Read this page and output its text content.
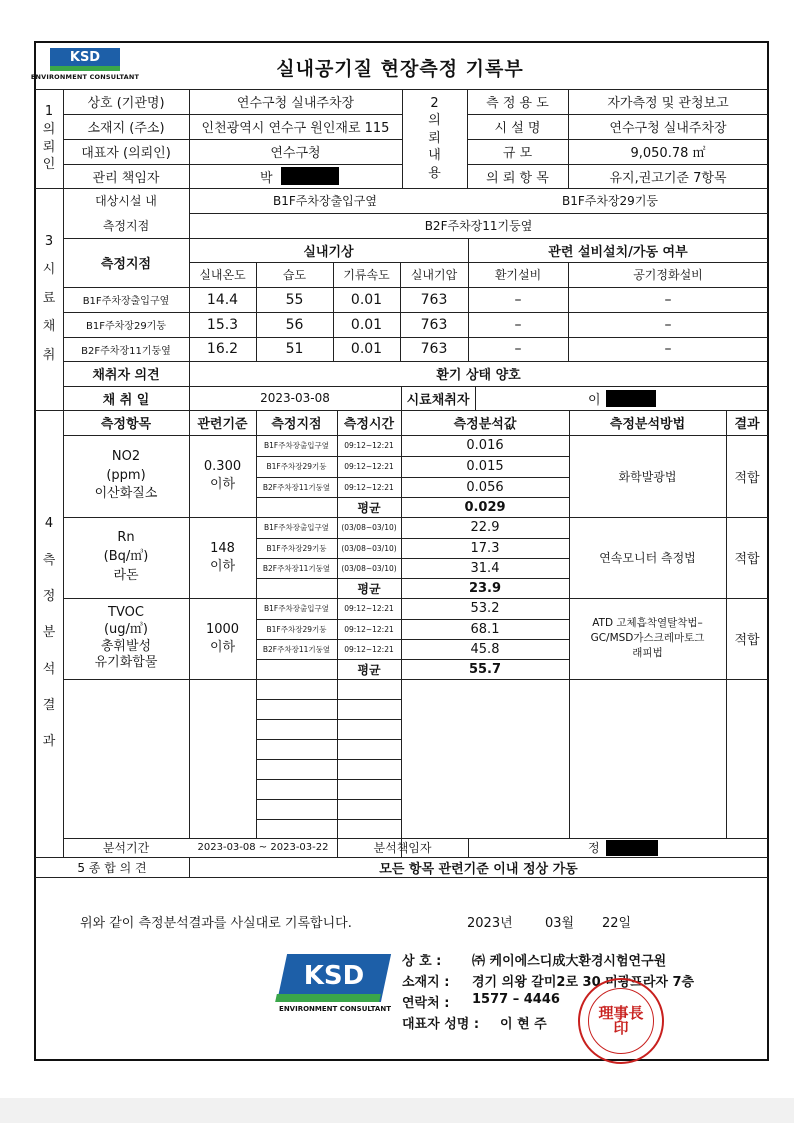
KSD
ENVIRONMENT CONSULTANT	실내공기질 현장측정 기록부
1
의
뢰
인
상호 (기관명)	연수구청 실내주차장
소재지 (주소)	인천광역시 연수구 원인재로 115
대표자 (의뢰인)	연수구청
관리 책임자	박
2
의
뢰
내
용
측 정 용 도	자가측정 및 관청보고
시 설 명	연수구청 실내주차장
규 모	9,050.78 ㎡
의 뢰 항 목	유지,권고기준 7항목
3
시
료
채
취
대상시설 내
측정지점
B1F주차장출입구옆	B1F주차장29기둥
B2F주차장11기둥옆
측정지점
실내기상	관련 설비설치/가동 여부
실내온도	습도	기류속도	실내기압	환기설비	공기정화설비
B1F주차장출입구옆	14.4	55	0.01	763	–	–
B1F주차장29기둥	15.3	56	0.01	763	–	–
B2F주차장11기둥옆	16.2	51	0.01	763	–	–
채취자 의견	환기 상태 양호
채 취 일	2023-03-08	시료채취자	이
4
측
정
분
석
결
과
측정항목	관련기준	측정지점	측정시간	측정분석값	측정분석방법	결과
NO2
(ppm)
이산화질소
0.300
이하
B1F주차장출입구옆	09:12~12:21	0.016
B1F주차장29기둥	09:12~12:21	0.015
B2F주차장11기둥옆	09:12~12:21	0.056
평균	0.029
화학발광법	적합
Rn
(Bq/㎥)
라돈
148
이하
B1F주차장출입구옆	(03/08~03/10)	22.9
B1F주차장29기둥	(03/08~03/10)	17.3
B2F주차장11기둥옆	(03/08~03/10)	31.4
평균	23.9
연속모니터 측정법	적합
TVOC
(ug/㎥)
총휘발성
유기화합물
1000
이하
B1F주차장출입구옆	09:12~12:21	53.2
B1F주차장29기둥	09:12~12:21	68.1
B2F주차장11기둥옆	09:12~12:21	45.8
평균	55.7
ATD 고체흡착열탈착법–
GC/MSD가스크레마토그
래피법
적합
분석기간	2023-03-08 ~ 2023-03-22	분석책임자	정
5 종 합 의 견	모든 항목 관련기준 이내 정상 가동
위와 같이 측정분석결과를 사실대로 기록합니다.	2023년	03월	22일
KSD
ENVIRONMENT CONSULTANT
상 호 :	㈜ 케이에스디成大환경시험연구원
소재지 :	경기 의왕 갈미2로 30 미광프라자 7층
연락처 :	1577 – 4446
대표자 성명 :	이 현 주
理事長印
